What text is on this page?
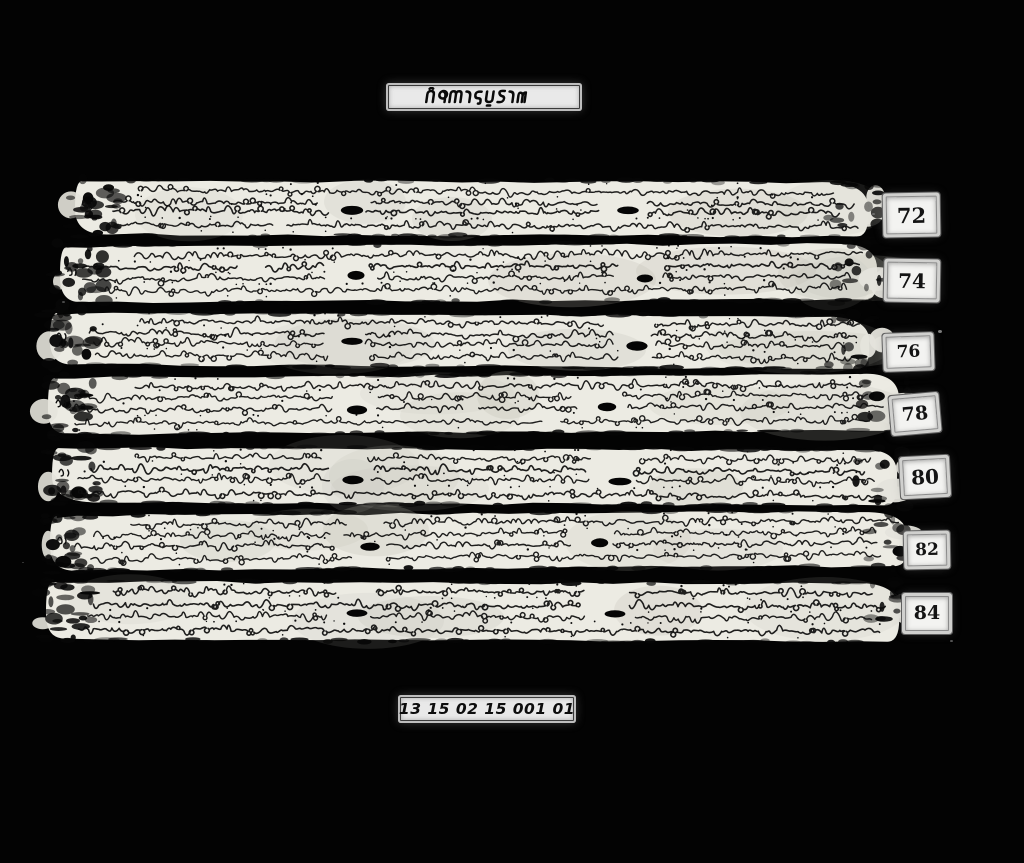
72
74
76
78
80
82
84
13 15 02 15 001 01
